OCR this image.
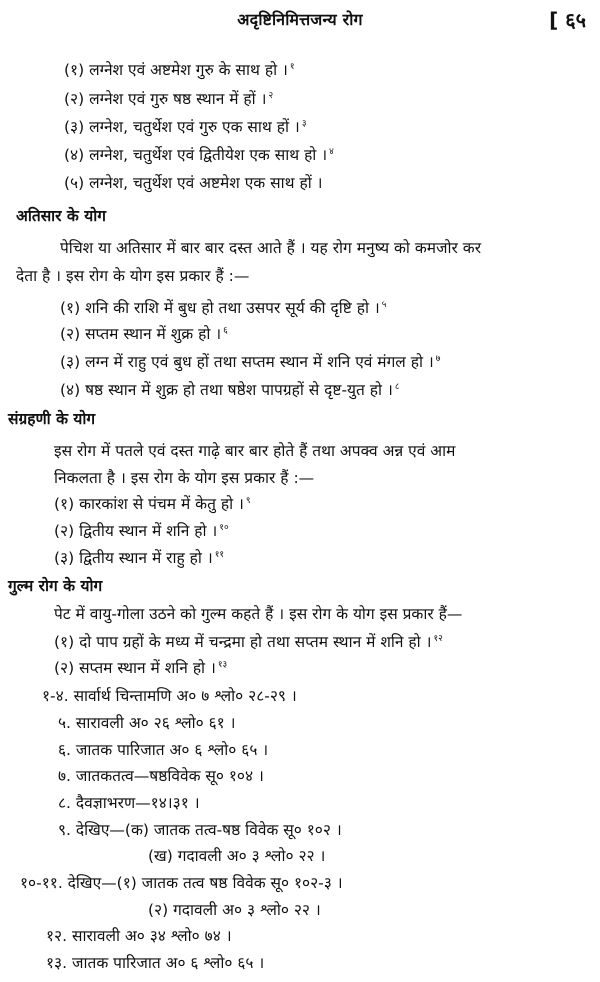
अदृष्टिनिमित्तजन्य रोग	[ ६५
(१) लग्नेश एवं अष्टमेश गुरु के साथ हो । $^१$
(२) लग्नेश एवं गुरु षष्ठ स्थान में हों । $^२$
(३) लग्नेश, चतुर्थेश एवं गुरु एक साथ हों । $^३$
(४) लग्नेश, चतुर्थेश एवं द्वितीयेश एक साथ हो । $^४$
(५) लग्नेश, चतुर्थेश एवं अष्टमेश एक साथ हों ।
अतिसार के योग
पेचिश या अतिसार में बार बार दस्त आते हैं । यह रोग मनुष्य को कमजोर कर
देता है । इस रोग के योग इस प्रकार हैं :—
(१) शनि की राशि में बुध हो तथा उसपर सूर्य की दृष्टि हो । $^५$
(२) सप्तम स्थान में शुक्र हो । $^६$
(३) लग्न में राहु एवं बुध हों तथा सप्तम स्थान में शनि एवं मंगल हो । $^७$
(४) षष्ठ स्थान में शुक्र हो तथा षष्ठेश पापग्रहों से दृष्ट-युत हो । $^८$
संग्रहणी के योग
इस रोग में पतले एवं दस्त गाढ़े बार बार होते हैं तथा अपक्व अन्न एवं आम
निकलता है । इस रोग के योग इस प्रकार हैं :—
(१) कारकांश से पंचम में केतु हो । $^९$
(२) द्वितीय स्थान में शनि हो । $^{१०}$
(३) द्वितीय स्थान में राहु हो । $^{११}$
गुल्म रोग के योग
पेट में वायु-गोला उठने को गुल्म कहते हैं । इस रोग के योग इस प्रकार हैं—
(१) दो पाप ग्रहों के मध्य में चन्द्रमा हो तथा सप्तम स्थान में शनि हो । $^{१२}$
(२) सप्तम स्थान में शनि हो । $^{१३}$
१-४. सार्वार्थ चिन्तामणि अ० ७ श्लो० २८-२९ ।
५. सारावली अ० २६ श्लो० ६१ ।
६. जातक पारिजात अ० ६ श्लो० ६५ ।
७. जातकतत्व—षष्ठविवेक सू० १०४ ।
८. दैवज्ञाभरण—१४।३१ ।
९. देखिए—(क) जातक तत्व-षष्ठ विवेक सू० १०२ ।
(ख) गदावली अ० ३ श्लो० २२ ।
१०-११. देखिए—(१) जातक तत्व षष्ठ विवेक सू० १०२-३ ।
(२) गदावली अ० ३ श्लो० २२ ।
१२. सारावली अ० ३४ श्लो० ७४ ।
१३. जातक पारिजात अ० ६ श्लो० ६५ ।
